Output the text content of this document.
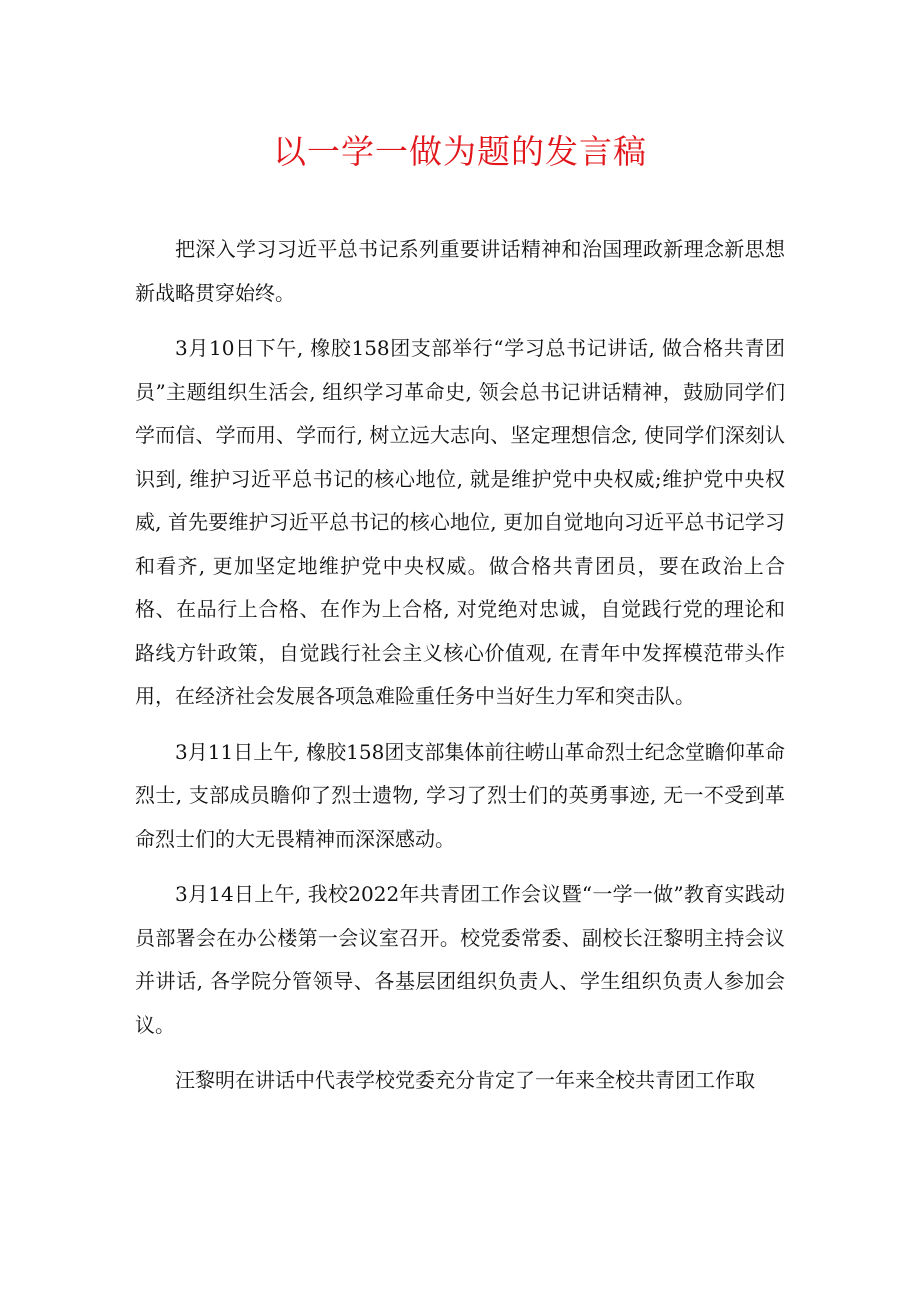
以一学一做为题的发言稿

把深入学习习近平总书记系列重要讲话精神和治国理政新理念新思想新战略贯穿始终。

3月10日下午, 橡胶158团支部举行“学习总书记讲话, 做合格共青团员”主题组织生活会, 组织学习革命史, 领会总书记讲话精神，鼓励同学们学而信、学而用、学而行, 树立远大志向、坚定理想信念, 使同学们深刻认识到, 维护习近平总书记的核心地位, 就是维护党中央权威;维护党中央权威, 首先要维护习近平总书记的核心地位, 更加自觉地向习近平总书记学习和看齐, 更加坚定地维护党中央权威。做合格共青团员，要在政治上合格、在品行上合格、在作为上合格, 对党绝对忠诚，自觉践行党的理论和路线方针政策，自觉践行社会主义核心价值观, 在青年中发挥模范带头作用，在经济社会发展各项急难险重任务中当好生力军和突击队。

3月11日上午, 橡胶158团支部集体前往崂山革命烈士纪念堂瞻仰革命烈士, 支部成员瞻仰了烈士遗物, 学习了烈士们的英勇事迹, 无一不受到革命烈士们的大无畏精神而深深感动。

3月14日上午, 我校2022年共青团工作会议暨“一学一做”教育实践动员部署会在办公楼第一会议室召开。校党委常委、副校长汪黎明主持会议并讲话, 各学院分管领导、各基层团组织负责人、学生组织负责人参加会议。

汪黎明在讲话中代表学校党委充分肯定了一年来全校共青团工作取
